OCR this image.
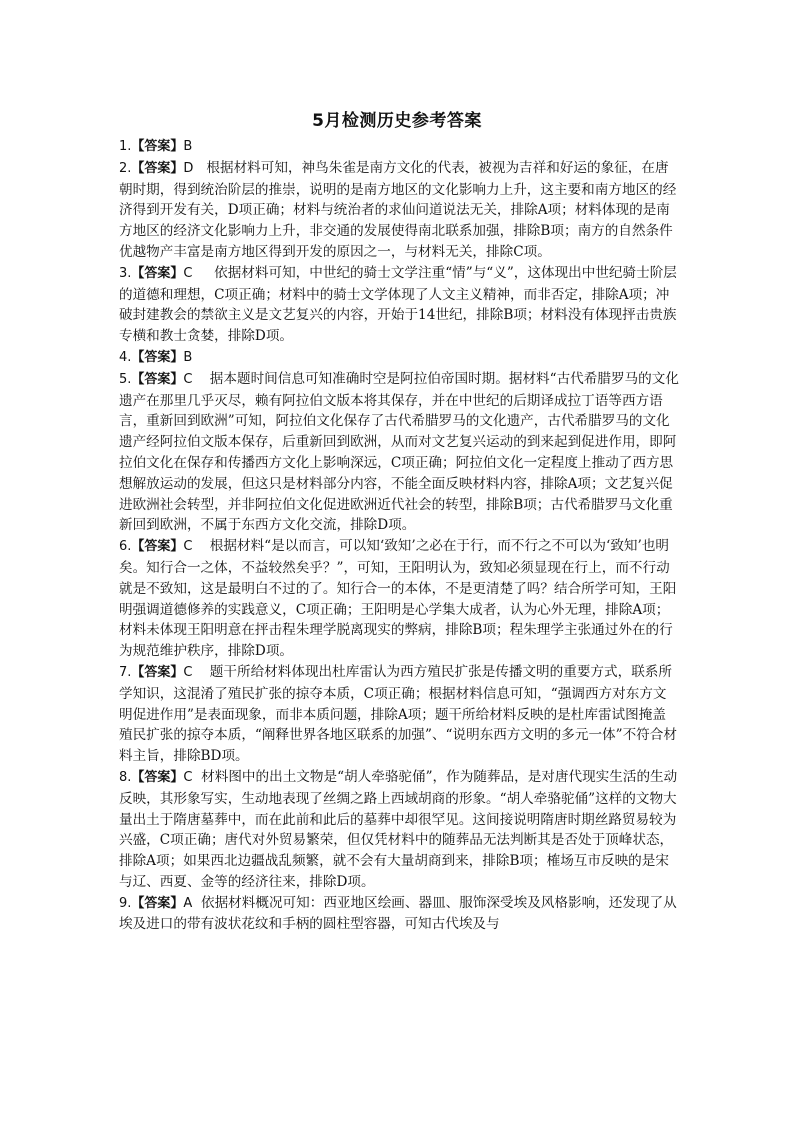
5月检测历史参考答案

1.【答案】B

2.【答案】D 根据材料可知，神鸟朱雀是南方文化的代表，被视为吉祥和好运的象征，在唐朝时期，得到统治阶层的推崇，说明的是南方地区的文化影响力上升，这主要和南方地区的经济得到开发有关，D项正确；材料与统治者的求仙问道说法无关，排除A项；材料体现的是南方地区的经济文化影响力上升，非交通的发展使得南北联系加强，排除B项；南方的自然条件优越物产丰富是南方地区得到开发的原因之一，与材料无关，排除C项。

3.【答案】C 依据材料可知，中世纪的骑士文学注重“情”与“义”，这体现出中世纪骑士阶层的道德和理想，C项正确；材料中的骑士文学体现了人文主义精神，而非否定，排除A项；冲破封建教会的禁欲主义是文艺复兴的内容，开始于14世纪，排除B项；材料没有体现抨击贵族专横和教士贪婪，排除D项。

4.【答案】B

5.【答案】C 据本题时间信息可知准确时空是阿拉伯帝国时期。据材料“古代希腊罗马的文化遗产在那里几乎灭尽，赖有阿拉伯文版本将其保存，并在中世纪的后期译成拉丁语等西方语言，重新回到欧洲”可知，阿拉伯文化保存了古代希腊罗马的文化遗产，古代希腊罗马的文化遗产经阿拉伯文版本保存，后重新回到欧洲，从而对文艺复兴运动的到来起到促进作用，即阿拉伯文化在保存和传播西方文化上影响深远，C项正确；阿拉伯文化一定程度上推动了西方思想解放运动的发展，但这只是材料部分内容，不能全面反映材料内容，排除A项；文艺复兴促进欧洲社会转型，并非阿拉伯文化促进欧洲近代社会的转型，排除B项；古代希腊罗马文化重新回到欧洲，不属于东西方文化交流，排除D项。

6.【答案】C 根据材料“是以而言，可以知‘致知’之必在于行，而不行之不可以为‘致知’也明矣。知行合一之体，不益较然矣乎？”，可知，王阳明认为，致知必须显现在行上，而不行动就是不致知，这是最明白不过的了。知行合一的本体，不是更清楚了吗？结合所学可知，王阳明强调道德修养的实践意义，C项正确；王阳明是心学集大成者，认为心外无理，排除A项；材料未体现王阳明意在抨击程朱理学脱离现实的弊病，排除B项；程朱理学主张通过外在的行为规范维护秩序，排除D项。

7.【答案】C 题干所给材料体现出杜库雷认为西方殖民扩张是传播文明的重要方式，联系所学知识，这混淆了殖民扩张的掠夺本质，C项正确；根据材料信息可知，“强调西方对东方文明促进作用”是表面现象，而非本质问题，排除A项；题干所给材料反映的是杜库雷试图掩盖殖民扩张的掠夺本质，“阐释世界各地区联系的加强”、“说明东西方文明的多元一体”不符合材料主旨，排除BD项。

8.【答案】C 材料图中的出土文物是“胡人牵骆驼俑”，作为随葬品，是对唐代现实生活的生动反映，其形象写实，生动地表现了丝绸之路上西域胡商的形象。“胡人牵骆驼俑”这样的文物大量出土于隋唐墓葬中，而在此前和此后的墓葬中却很罕见。这间接说明隋唐时期丝路贸易较为兴盛，C项正确；唐代对外贸易繁荣，但仅凭材料中的随葬品无法判断其是否处于顶峰状态，排除A项；如果西北边疆战乱频繁，就不会有大量胡商到来，排除B项；榷场互市反映的是宋与辽、西夏、金等的经济往来，排除D项。

9.【答案】A 依据材料概况可知：西亚地区绘画、器皿、服饰深受埃及风格影响，还发现了从埃及进口的带有波状花纹和手柄的圆柱型容器，可知古代埃及与
